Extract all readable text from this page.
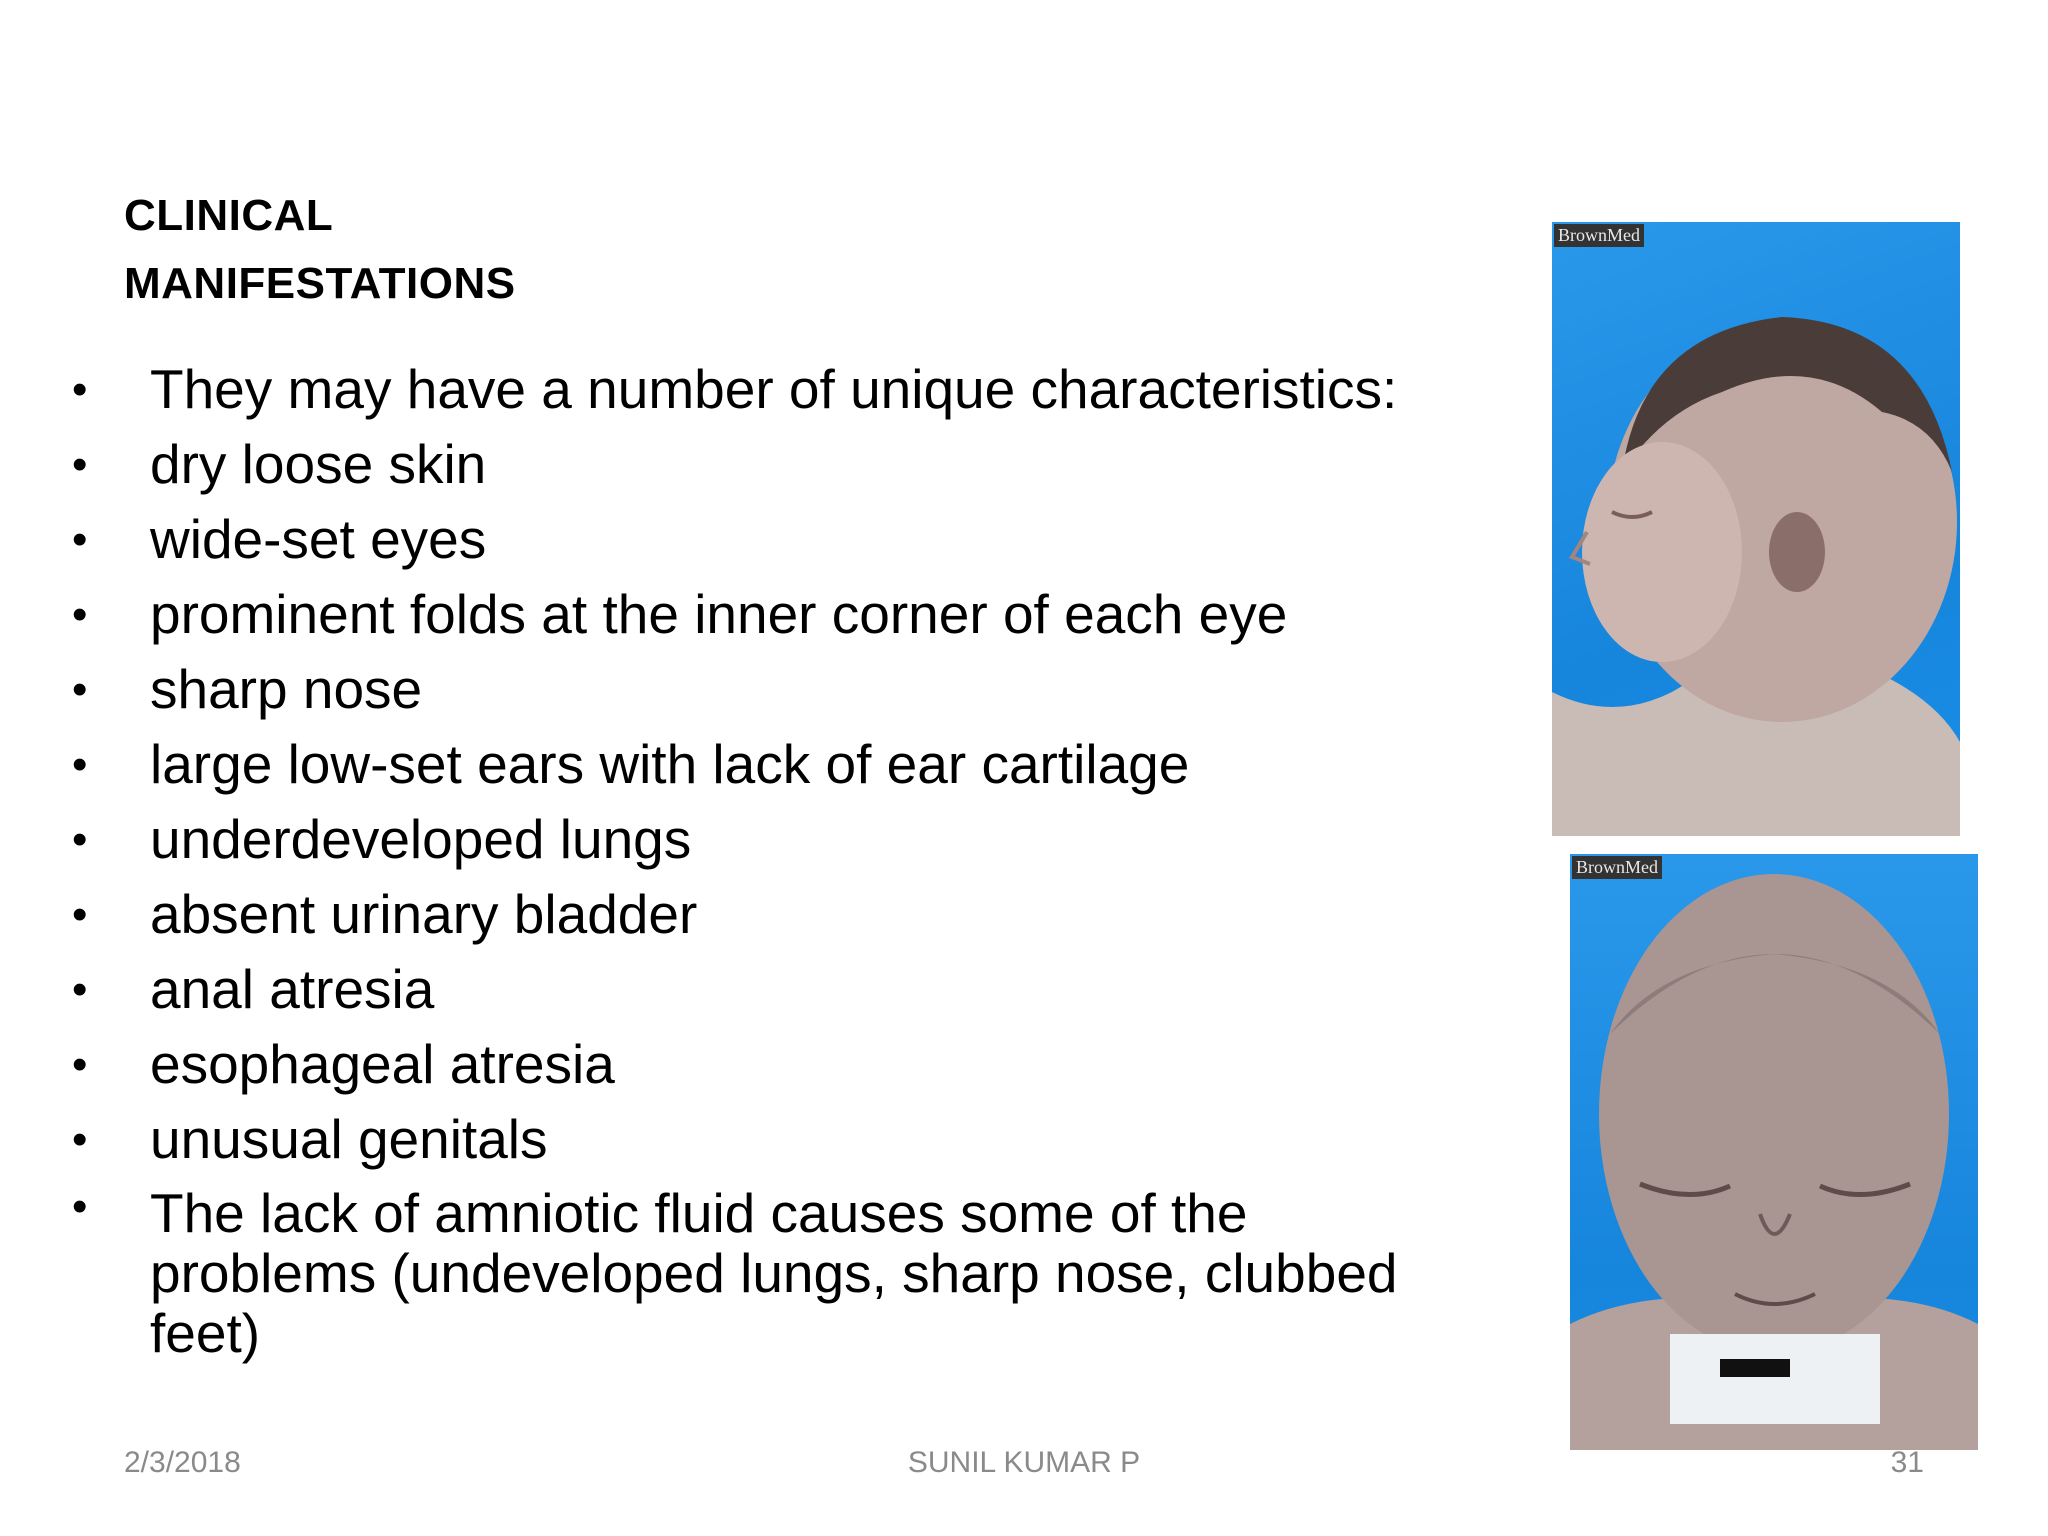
CLINICAL
MANIFESTATIONS
• They may have a number of unique characteristics:
• dry loose skin
• wide-set eyes
• prominent folds at the inner corner of each eye
• sharp nose
• large low-set ears with lack of ear cartilage
• underdeveloped lungs
• absent urinary bladder
• anal atresia
• esophageal atresia
• unusual genitals
• The lack of amniotic fluid causes some of the problems (undeveloped lungs, sharp nose, clubbed feet)
BrownMed
BrownMed
2/3/2018	SUNIL KUMAR P	31
